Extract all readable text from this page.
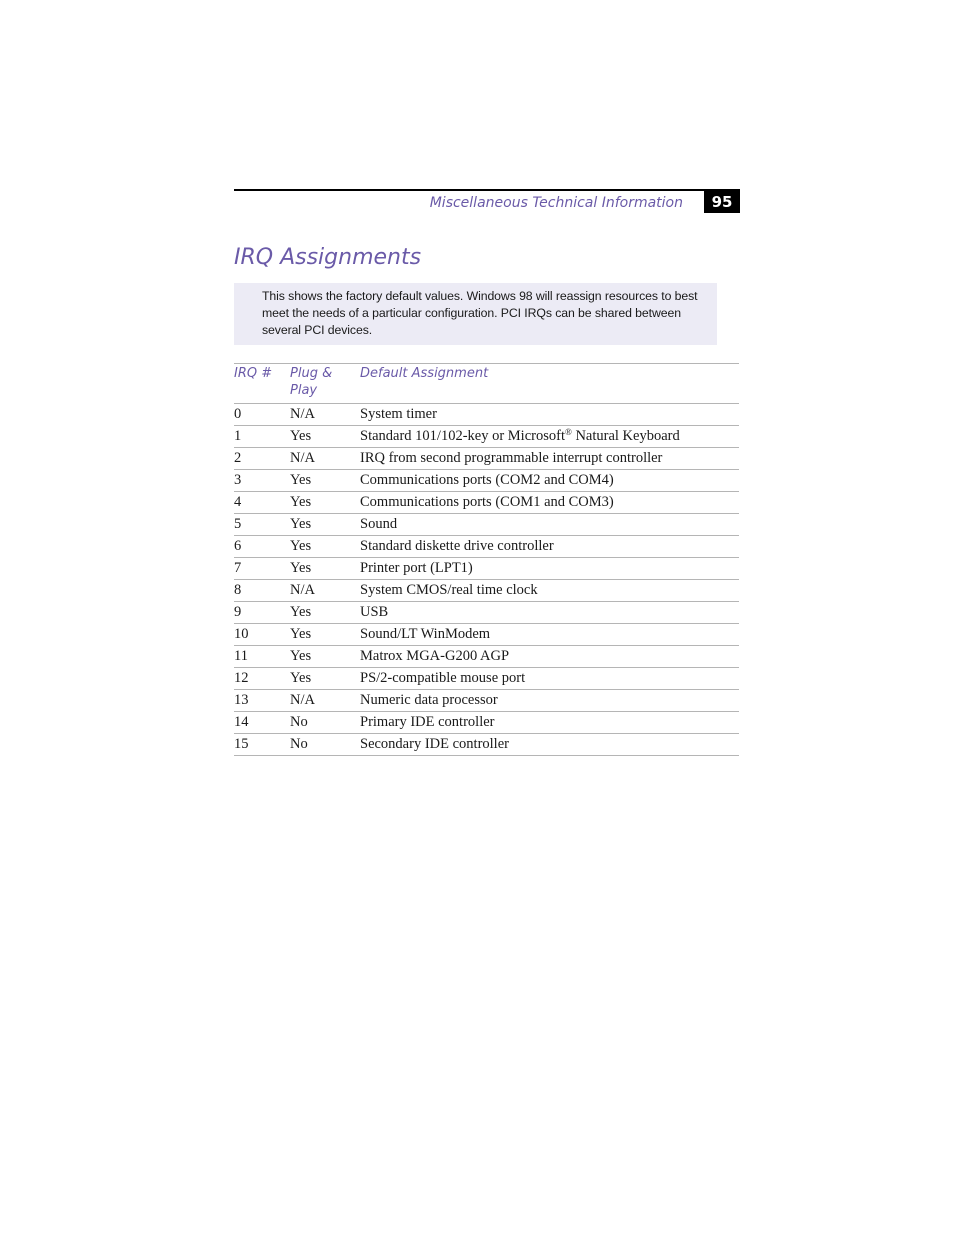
Miscellaneous Technical Information	95
IRQ Assignments
This shows the factory default values. Windows 98 will reassign resources to best meet the needs of a particular configuration. PCI IRQs can be shared between several PCI devices.
IRQ #	Plug & Play	Default Assignment
0	N/A	System timer
1	Yes	Standard 101/102-key or Microsoft® Natural Keyboard
2	N/A	IRQ from second programmable interrupt controller
3	Yes	Communications ports (COM2 and COM4)
4	Yes	Communications ports (COM1 and COM3)
5	Yes	Sound
6	Yes	Standard diskette drive controller
7	Yes	Printer port (LPT1)
8	N/A	System CMOS/real time clock
9	Yes	USB
10	Yes	Sound/LT WinModem
11	Yes	Matrox MGA-G200 AGP
12	Yes	PS/2-compatible mouse port
13	N/A	Numeric data processor
14	No	Primary IDE controller
15	No	Secondary IDE controller
